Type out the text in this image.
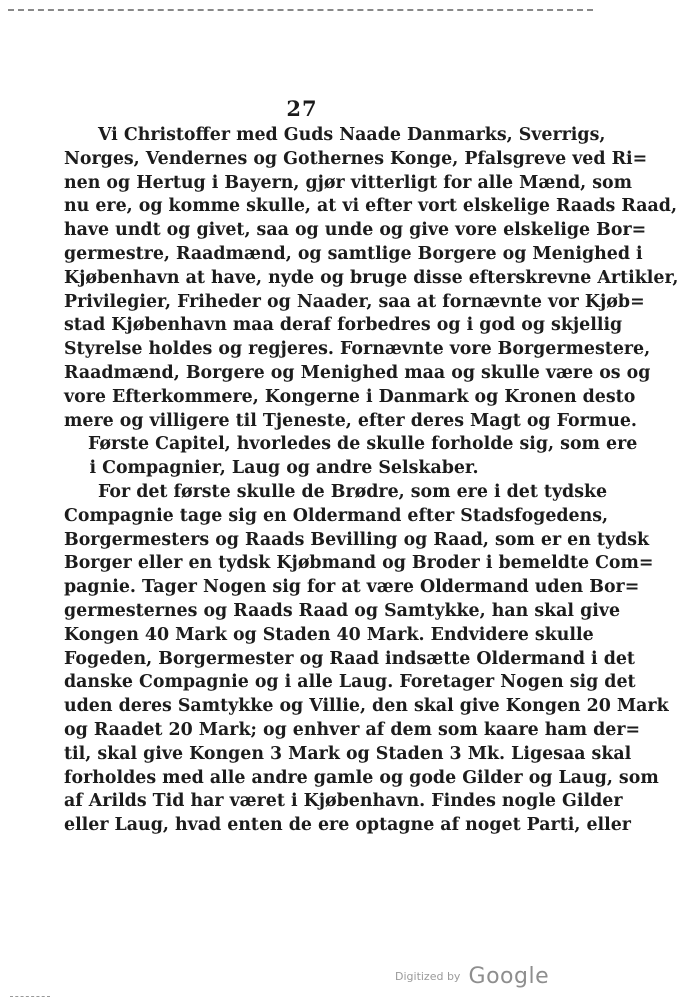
27
Vi Christoffer med Guds Naade Danmarks, Sverrigs,
Norges, Vendernes og Gothernes Konge, Pfalsgreve ved Ri=
nen og Hertug i Bayern, gjør vitterligt for alle Mænd, som
nu ere, og komme skulle, at vi efter vort elskelige Raads Raad,
have undt og givet, saa og unde og give vore elskelige Bor=
germestre, Raadmænd, og samtlige Borgere og Menighed i
Kjøbenhavn at have, nyde og bruge disse efterskrevne Artikler,
Privilegier, Friheder og Naader, saa at fornævnte vor Kjøb=
stad Kjøbenhavn maa deraf forbedres og i god og skjellig
Styrelse holdes og regjeres. Fornævnte vore Borgermestere,
Raadmænd, Borgere og Menighed maa og skulle være os og
vore Efterkommere, Kongerne i Danmark og Kronen desto
mere og villigere til Tjeneste, efter deres Magt og Formue.
Første Capitel, hvorledes de skulle forholde sig, som ere
i Compagnier, Laug og andre Selskaber.
For det første skulle de Brødre, som ere i det tydske
Compagnie tage sig en Oldermand efter Stadsfogedens,
Borgermesters og Raads Bevilling og Raad, som er en tydsk
Borger eller en tydsk Kjøbmand og Broder i bemeldte Com=
pagnie. Tager Nogen sig for at være Oldermand uden Bor=
germesternes og Raads Raad og Samtykke, han skal give
Kongen 40 Mark og Staden 40 Mark. Endvidere skulle
Fogeden, Borgermester og Raad indsætte Oldermand i det
danske Compagnie og i alle Laug. Foretager Nogen sig det
uden deres Samtykke og Villie, den skal give Kongen 20 Mark
og Raadet 20 Mark; og enhver af dem som kaare ham der=
til, skal give Kongen 3 Mark og Staden 3 Mk. Ligesaa skal
forholdes med alle andre gamle og gode Gilder og Laug, som
af Arilds Tid har været i Kjøbenhavn. Findes nogle Gilder
eller Laug, hvad enten de ere optagne af noget Parti, eller
Digitized by Google
